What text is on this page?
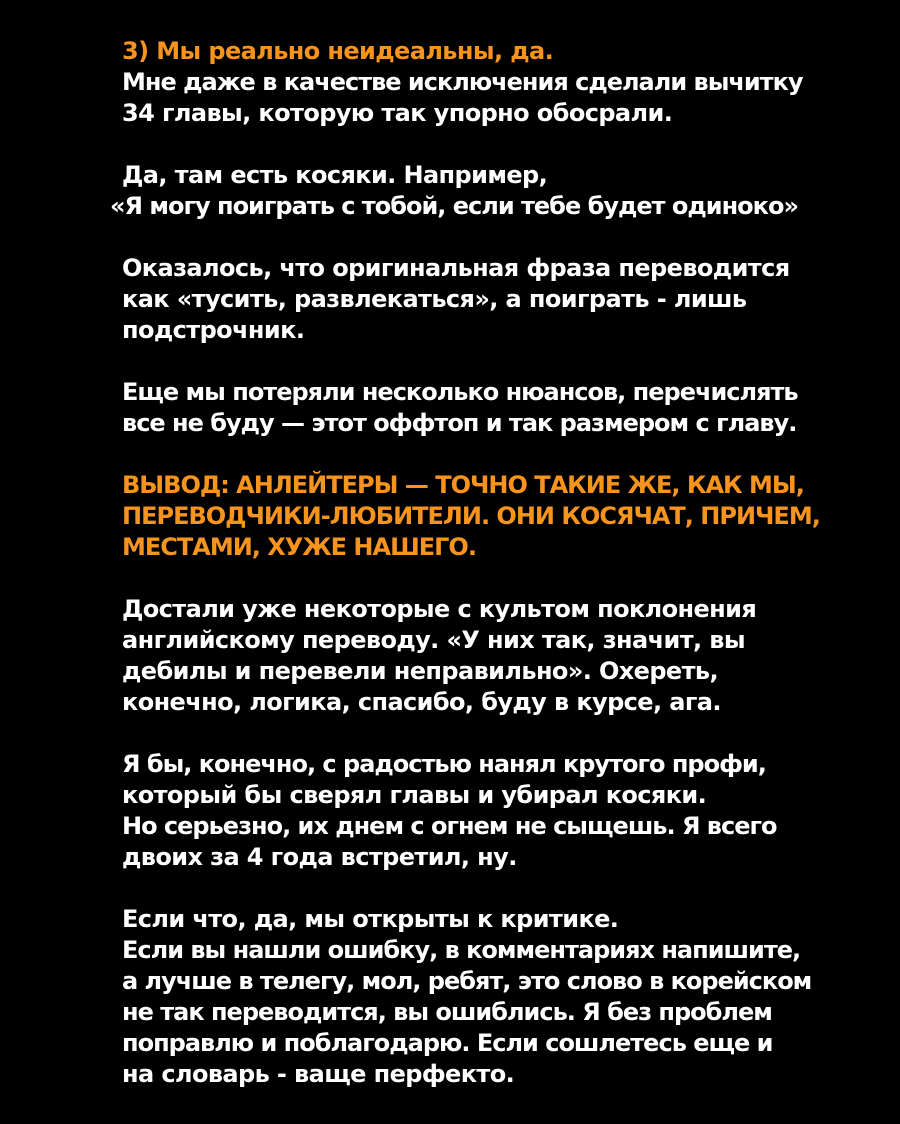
3) Мы реально неидеальны, да.
Мне даже в качестве исключения сделали вычитку
34 главы, которую так упорно обосрали.

Да, там есть косяки. Например,
«Я могу поиграть с тобой, если тебе будет одиноко»

Оказалось, что оригинальная фраза переводится
как «тусить, развлекаться», а поиграть - лишь
подстрочник.

Еще мы потеряли несколько нюансов, перечислять
все не буду — этот оффтоп и так размером с главу.

ВЫВОД: АНЛЕЙТЕРЫ — ТОЧНО ТАКИЕ ЖЕ, КАК МЫ,
ПЕРЕВОДЧИКИ-ЛЮБИТЕЛИ. ОНИ КОСЯЧАТ, ПРИЧЕМ,
МЕСТАМИ, ХУЖЕ НАШЕГО.

Достали уже некоторые с культом поклонения
английскому переводу. «У них так, значит, вы
дебилы и перевели неправильно». Охереть,
конечно, логика, спасибо, буду в курсе, ага.

Я бы, конечно, с радостью нанял крутого профи,
который бы сверял главы и убирал косяки.
Но серьезно, их днем с огнем не сыщешь. Я всего
двоих за 4 года встретил, ну.

Если что, да, мы открыты к критике.
Если вы нашли ошибку, в комментариях напишите,
а лучше в телегу, мол, ребят, это слово в корейском
не так переводится, вы ошиблись. Я без проблем
поправлю и поблагодарю. Если сошлетесь еще и
на словарь - ваще перфекто.
